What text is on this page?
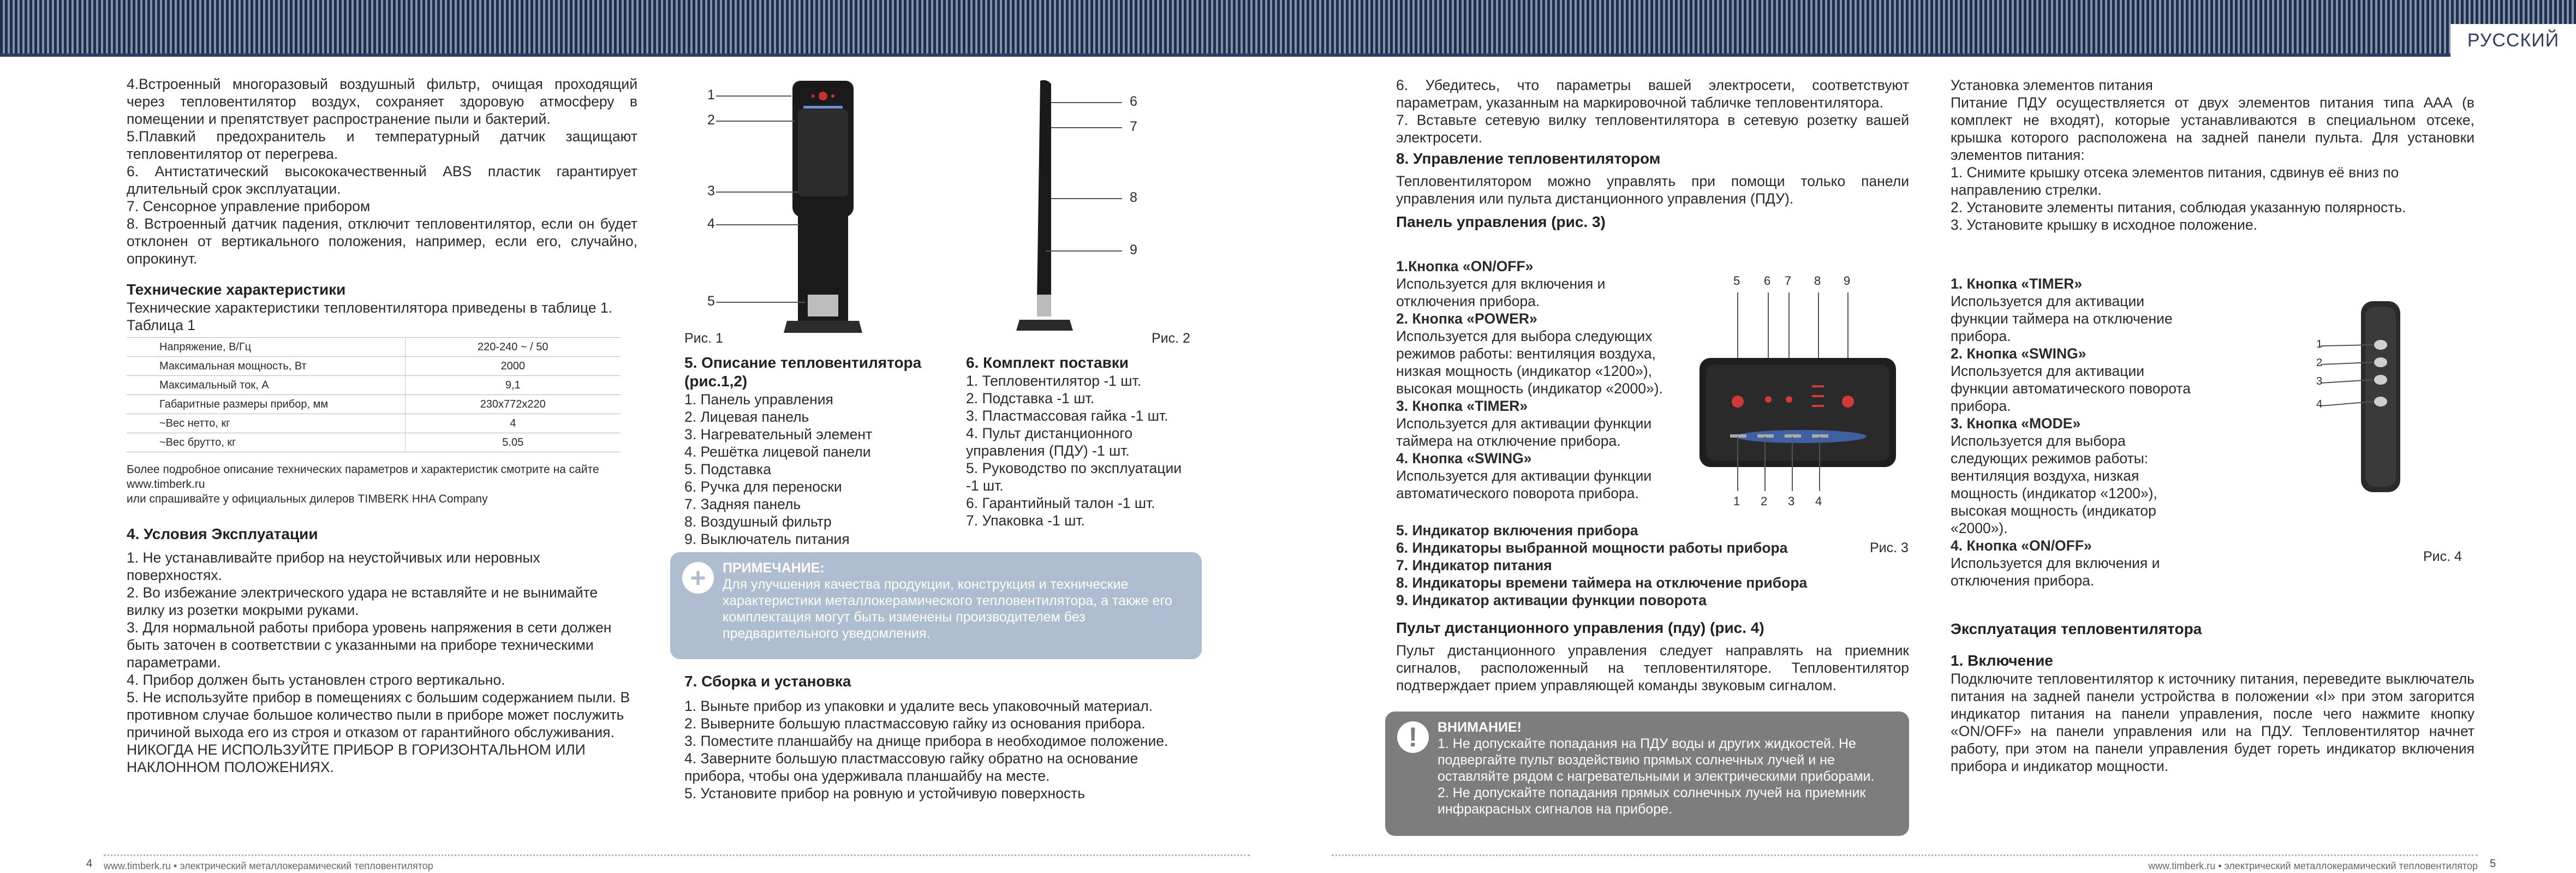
РУССКИЙ

4.Встроенный многоразовый воздушный фильтр, очищая проходящий через тепловентилятор воздух, сохраняет здоровую атмосферу в помещении и препятствует распространение пыли и бактерий.

5.Плавкий предохранитель и температурный датчик защищают тепловентилятор от перегрева.

6. Антистатический высококачественный ABS пластик гарантирует длительный срок эксплуатации.

7. Сенсорное управление прибором

8. Встроенный датчик падения, отключит тепловентилятор, если он будет отклонен от вертикального положения, например, если его, случайно, опрокинут.

Технические характеристики

Технические характеристики тепловентилятора приведены в таблице 1.

Таблица 1

Напряжение, В/Гц	220-240 ~ / 50
Максимальная мощность, Вт	2000
Максимальный ток, А	9,1
Габаритные размеры прибор, мм	230x772x220
~Вес нетто, кг	4
~Вес брутто, кг	5.05

Более подробное описание технических параметров и характеристик смотрите на сайте www.timberk.ru

или спрашивайте у официальных дилеров TIMBERK HHA Company

4. Условия Эксплуатации

1. Не устанавливайте прибор на неустойчивых или неровных поверхностях.

2. Во избежание электрического удара не вставляйте и не вынимайте вилку из розетки мокрыми руками.

3. Для нормальной работы прибора уровень напряжения в сети должен быть заточен в соответствии с указанными на приборе техническими параметрами.

4. Прибор должен быть установлен строго вертикально.

5. Не используйте прибор в помещениях с большим содержанием пыли. В противном случае большое количество пыли в приборе может послужить причиной выхода его из строя и отказом от гарантийного обслуживания.

НИКОГДА НЕ ИСПОЛЬЗУЙТЕ ПРИБОР В ГОРИЗОНТАЛЬНОМ ИЛИ НАКЛОННОМ ПОЛОЖЕНИЯХ.

1
2
3
4
5
6
7
8
9
Рис. 1	Рис. 2
5. Описание тепловентилятора (рис.1,2)

1. Панель управления

2. Лицевая панель

3. Нагревательный элемент

4. Решётка лицевой панели

5. Подставка

6. Ручка для переноски

7. Задняя панель

8. Воздушный фильтр

9. Выключатель питания

6. Комплект поставки

1. Тепловентилятор -1 шт.

2. Подставка -1 шт.

3. Пластмассовая гайка -1 шт.

4. Пульт дистанционного управления (ПДУ) -1 шт.

5. Руководство по эксплуатации -1 шт.

6. Гарантийный талон -1 шт.

7. Упаковка -1 шт.

+	ПРИМЕЧАНИЕ:
Для улучшения качества продукции, конструкция и технические характеристики металлокерамического тепловентилятора, а также его комплектация могут быть изменены производителем без предварительного уведомления.
7. Сборка и установка

1. Выньте прибор из упаковки и удалите весь упаковочный материал.

2. Выверните большую пластмассовую гайку из основания прибора.

3. Поместите планшайбу на днище прибора в необходимое положение.

4. Заверните большую пластмассовую гайку обратно на основание прибора, чтобы она удерживала планшайбу на месте.

5. Установите прибор на ровную и устойчивую поверхность

4 www.timberk.ru • электрический металлокерамический тепловентилятор

6. Убедитесь, что параметры вашей электросети, соответствуют параметрам, указанным на маркировочной табличке тепловентилятора.

7. Вставьте сетевую вилку тепловентилятора в сетевую розетку вашей электросети.

8. Управление тепловентилятором

Тепловентилятором можно управлять при помощи только панели управления или пульта дистанционного управления (ПДУ).

Панель управления (рис. 3)

1.Кнопка «ON/OFF»

Используется для включения и отключения прибора.

2. Кнопка «POWER»

Используется для выбора следующих режимов работы: вентиляция воздуха, низкая мощность (индикатор «1200»), высокая мощность (индикатор «2000»).

3. Кнопка «TIMER»

Используется для активации функции таймера на отключение прибора.

4. Кнопка «SWING»

Используется для активации функции автоматического поворота прибора.

5. Индикатор включения прибора

6. Индикаторы выбранной мощности работы прибора

7. Индикатор питания

8. Индикаторы времени таймера на отключение прибора

9. Индикатор активации функции поворота

Рис. 3
5 6 7 8 9
1 2 3 4
Пульт дистанционного управления (пду) (рис. 4)

Пульт дистанционного управления следует направлять на приемник сигналов, расположенный на тепловентиляторе. Тепловентилятор подтверждает прием управляющей команды звуковым сигналом.

!	ВНИМАНИЕ!
1. Не допускайте попадания на ПДУ воды и других жидкостей. Не подвергайте пульт воздействию прямых солнечных лучей и не оставляйте рядом с нагревательными и электрическими приборами.
2. Не допускайте попадания прямых солнечных лучей на приемник инфракрасных сигналов на приборе.

Установка элементов питания

Питание ПДУ осуществляется от двух элементов питания типа ААА (в комплект не входят), которые устанавливаются в специальном отсеке, крышка которого расположена на задней панели пульта. Для установки элементов питания:

1. Снимите крышку отсека элементов питания, сдвинув её вниз по направлению стрелки.

2. Установите элементы питания, соблюдая указанную полярность.

3. Установите крышку в исходное положение.

1. Кнопка «TIMER»

Используется для активации функции таймера на отключение прибора.

2. Кнопка «SWING»

Используется для активации функции автоматического поворота прибора.

3. Кнопка «MODE»

Используется для выбора следующих режимов работы: вентиляция воздуха, низкая мощность (индикатор «1200»), высокая мощность (индикатор «2000»).

4. Кнопка «ON/OFF»

Используется для включения и отключения прибора.

1
2
3
4
Рис. 4
Эксплуатация тепловентилятора
1. Включение

Подключите тепловентилятор к источнику питания, переведите выключатель питания на задней панели устройства в положении «I» при этом загорится индикатор питания на панели управления, после чего нажмите кнопку «ON/OFF» на панели управления или на ПДУ. Тепловентилятор начнет работу, при этом на панели управления будет гореть индикатор включения прибора и индикатор мощности.

www.timberk.ru • электрический металлокерамический тепловентилятор 5
